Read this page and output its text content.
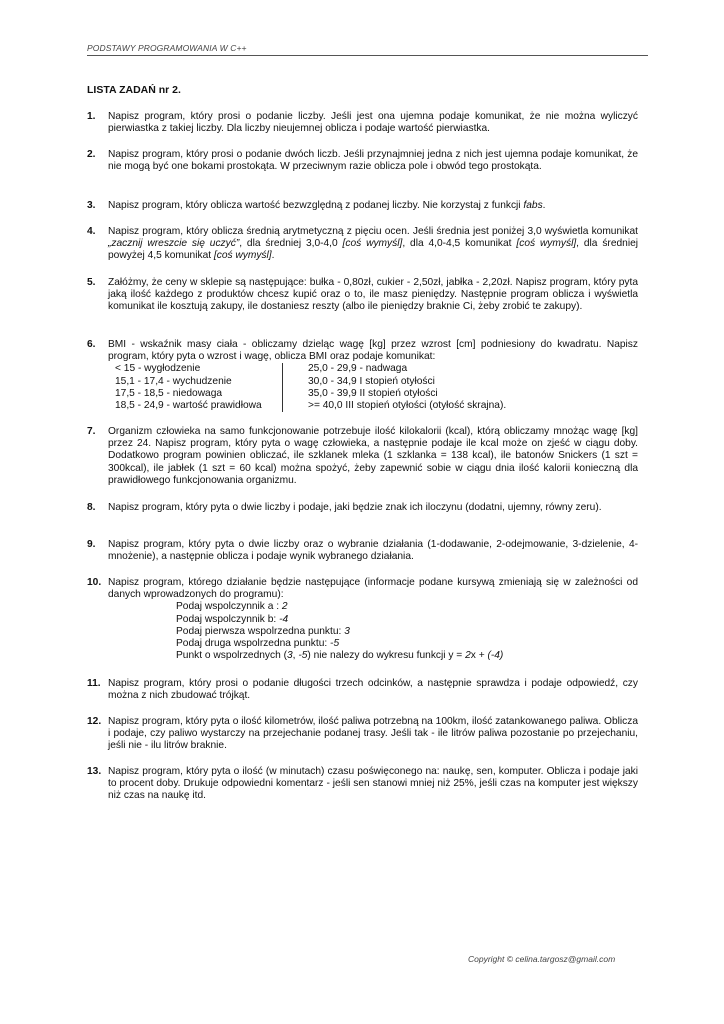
PODSTAWY PROGRAMOWANIA W C++
LISTA ZADAŃ nr 2.
1. Napisz program, który prosi o podanie liczby. Jeśli jest ona ujemna podaje komunikat, że nie można wyliczyć pierwiastka z takiej liczby. Dla liczby nieujemnej oblicza i podaje wartość pierwiastka.

2. Napisz program, który prosi o podanie dwóch liczb. Jeśli przynajmniej jedna z nich jest ujemna podaje komunikat, że nie mogą być one bokami prostokąta. W przeciwnym razie oblicza pole i obwód tego prostokąta.

3. Napisz program, który oblicza wartość bezwzględną z podanej liczby. Nie korzystaj z funkcji fabs.

4. Napisz program, który oblicza średnią arytmetyczną z pięciu ocen. Jeśli średnia jest poniżej 3,0 wyświetla komunikat „zacznij wreszcie się uczyć”, dla średniej 3,0-4,0 [coś wymyśl], dla 4,0-4,5 komunikat [coś wymyśl], dla średniej powyżej 4,5 komunikat [coś wymyśl].

5. Załóżmy, że ceny w sklepie są następujące: bułka - 0,80zł, cukier - 2,50zł, jabłka - 2,20zł. Napisz program, który pyta jaką ilość każdego z produktów chcesz kupić oraz o to, ile masz pieniędzy. Następnie program oblicza i wyświetla komunikat ile kosztują zakupy, ile dostaniesz reszty (albo ile pieniędzy braknie Ci, żeby zrobić te zakupy).

6. BMI - wskaźnik masy ciała - obliczamy dzieląc wagę [kg] przez wzrost [cm] podniesiony do kwadratu. Napisz program, który pyta o wzrost i wagę, oblicza BMI oraz podaje komunikat:

< 15 - wygłodzenie	25,0 - 29,9 - nadwaga
15,1 - 17,4 - wychudzenie	30,0 - 34,9 I stopień otyłości
17,5 - 18,5 - niedowaga	35,0 - 39,9 II stopień otyłości
18,5 - 24,9 - wartość prawidłowa	>= 40,0 III stopień otyłości (otyłość skrajna).
7. Organizm człowieka na samo funkcjonowanie potrzebuje ilość kilokalorii (kcal), którą obliczamy mnożąc wagę [kg] przez 24. Napisz program, który pyta o wagę człowieka, a następnie podaje ile kcal może on zjeść w ciągu doby. Dodatkowo program powinien obliczać, ile szklanek mleka (1 szklanka = 138 kcal), ile batonów Snickers (1 szt = 300kcal), ile jabłek (1 szt = 60 kcal) można spożyć, żeby zapewnić sobie w ciągu dnia ilość kalorii konieczną dla prawidłowego funkcjonowania organizmu.

8. Napisz program, który pyta o dwie liczby i podaje, jaki będzie znak ich iloczynu (dodatni, ujemny, równy zeru).

9. Napisz program, który pyta o dwie liczby oraz o wybranie działania (1-dodawanie, 2-odejmowanie, 3-dzielenie, 4-mnożenie), a następnie oblicza i podaje wynik wybranego działania.

10. Napisz program, którego działanie będzie następujące (informacje podane kursywą zmieniają się w zależności od danych wprowadzonych do programu):

Podaj wspolczynnik a : 2
Podaj wspolczynnik b: -4
Podaj pierwsza wspolrzedna punktu: 3
Podaj druga wspolrzedna punktu: -5
Punkt o wspolrzednych (3, -5) nie nalezy do wykresu funkcji y = 2x + (-4)
11. Napisz program, który prosi o podanie długości trzech odcinków, a następnie sprawdza i podaje odpowiedź, czy można z nich zbudować trójkąt.

12. Napisz program, który pyta o ilość kilometrów, ilość paliwa potrzebną na 100km, ilość zatankowanego paliwa. Oblicza i podaje, czy paliwo wystarczy na przejechanie podanej trasy. Jeśli tak - ile litrów paliwa pozostanie po przejechaniu, jeśli nie - ilu litrów braknie.

13. Napisz program, który pyta o ilość (w minutach) czasu poświęconego na: naukę, sen, komputer. Oblicza i podaje jaki to procent doby. Drukuje odpowiedni komentarz - jeśli sen stanowi mniej niż 25%, jeśli czas na komputer jest większy niż czas na naukę itd.

Copyright © celina.targosz@gmail.com
